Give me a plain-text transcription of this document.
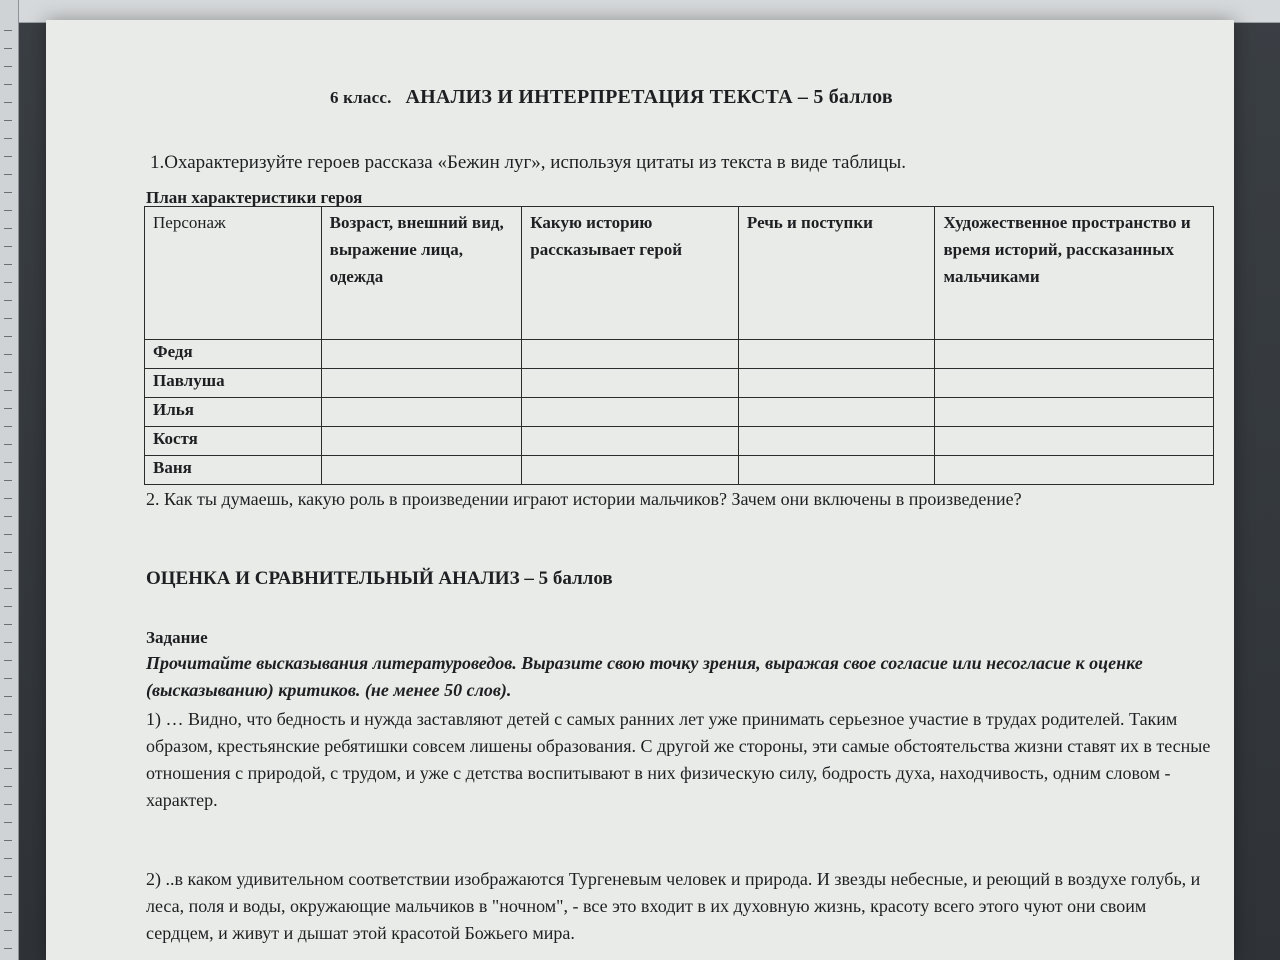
6 класс. АНАЛИЗ И ИНТЕРПРЕТАЦИЯ ТЕКСТА – 5 баллов
1.Охарактеризуйте героев рассказа «Бежин луг», используя цитаты из текста в виде таблицы.
План характеристики героя
Персонаж	Возраст, внешний вид, выражение лица, одежда	Какую историю рассказывает герой	Речь и поступки	Художественное пространство и время историй, рассказанных мальчиками
Федя				
Павлуша				
Илья				
Костя				
Ваня				
2. Как ты думаешь, какую роль в произведении играют истории мальчиков? Зачем они включены в произведение?
ОЦЕНКА И СРАВНИТЕЛЬНЫЙ АНАЛИЗ – 5 баллов
Задание
Прочитайте высказывания литературоведов. Выразите свою точку зрения, выражая свое согласие или несогласие к оценке (высказыванию) критиков. (не менее 50 слов).
1) … Видно, что бедность и нужда заставляют детей с самых ранних лет уже принимать серьезное участие в трудах родителей. Таким образом, крестьянские ребятишки совсем лишены образования. С другой же стороны, эти самые обстоятельства жизни ставят их в тесные отношения с природой, с трудом, и уже с детства воспитывают в них физическую силу, бодрость духа, находчивость, одним словом - характер.
2) ..в каком удивительном соответствии изображаются Тургеневым человек и природа. И звезды небесные, и реющий в воздухе голубь, и леса, поля и воды, окружающие мальчиков в "ночном", - все это входит в их духовную жизнь, красоту всего этого чуют они своим сердцем, и живут и дышат этой красотой Божьего мира.
